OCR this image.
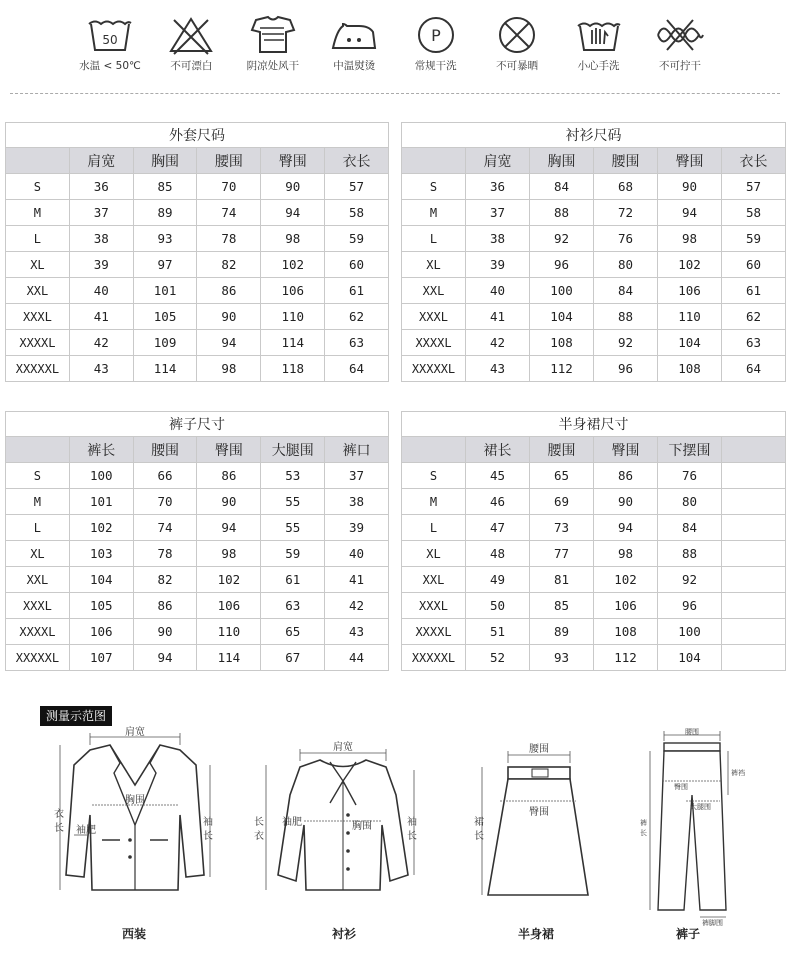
50
水温 < 50℃	不可漂白	阴凉处风干	中温熨烫
P
常规干洗	不可暴晒	小心手洗	不可拧干
外套尺码					
	肩宽	胸围	腰围	臀围	衣长
S	36	85	70	90	57
M	37	89	74	94	58
L	38	93	78	98	59
XL	39	97	82	102	60
XXL	40	101	86	106	61
XXXL	41	105	90	110	62
XXXXL	42	109	94	114	63
XXXXXL	43	114	98	118	64
衬衫尺码					
	肩宽	胸围	腰围	臀围	衣长
S	36	84	68	90	57
M	37	88	72	94	58
L	38	92	76	98	59
XL	39	96	80	102	60
XXL	40	100	84	106	61
XXXL	41	104	88	110	62
XXXXL	42	108	92	104	63
XXXXXL	43	112	96	108	64
裤子尺寸					
	裤长	腰围	臀围	大腿围	裤口
S	100	66	86	53	37
M	101	70	90	55	38
L	102	74	94	55	39
XL	103	78	98	59	40
XXL	104	82	102	61	41
XXXL	105	86	106	63	42
XXXXL	106	90	110	65	43
XXXXXL	107	94	114	67	44
半身裙尺寸					
	裙长	腰围	臀围	下摆围	
S	45	65	86	76	
M	46	69	90	80	
L	47	73	94	84	
XL	48	77	98	88	
XXL	49	81	102	92	
XXXL	50	85	106	96	
XXXXL	51	89	108	100	
XXXXXL	52	93	112	104	
测量示范图
肩宽
胸围
袖肥
衣
长
袖
长
西装
肩宽
胸围
袖肥
长
衣
袖
长
衬衫
腰围
臀围
裙
长
半身裙
腰围
裤裆
臀围
大腿围
裤
长
裤脚围
裤子
